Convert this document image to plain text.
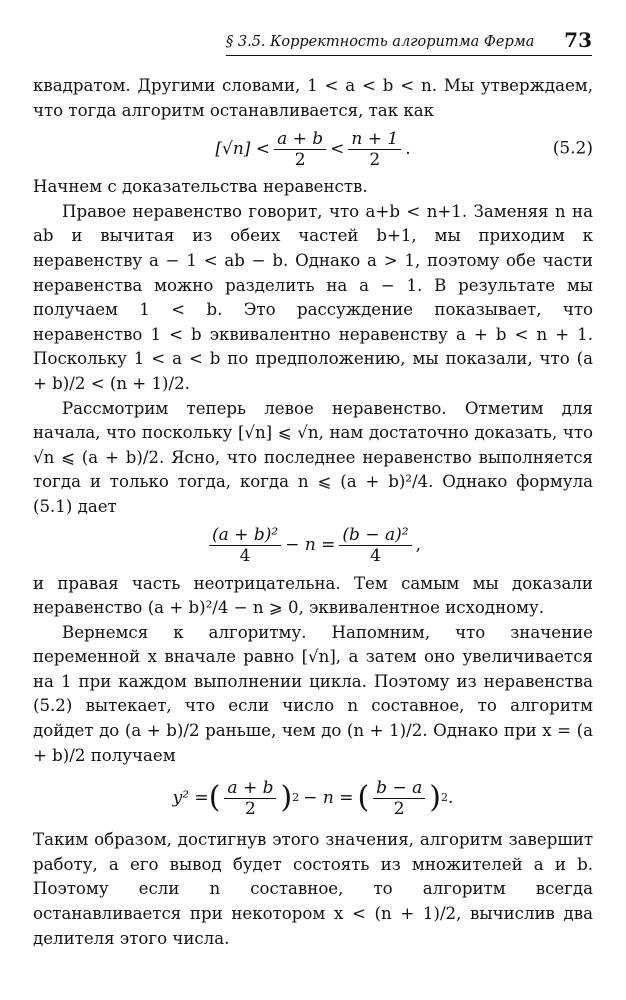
§ 3.5. Корректность алгоритма Ферма 73

квадратом. Другими словами, 1 < a < b < n. Мы утверждаем, что тогда алгоритм останавливается, так как

$[√n] < \frac{a + b}{2} < \frac{n + 1}{2}$ .	(5.2)

Начнем с доказательства неравенств.

Правое неравенство говорит, что a+b < n+1. Заменяя n на ab и вычитая из обеих частей b+1, мы приходим к неравенству a − 1 < ab − b. Однако a > 1, поэтому обе части неравенства можно разделить на a − 1. В результате мы получаем 1 < b. Это рассуждение показывает, что неравенство 1 < b эквивалентно неравенству a + b < n + 1. Поскольку 1 < a < b по предположению, мы показали, что (a + b)/2 < (n + 1)/2.

Рассмотрим теперь левое неравенство. Отметим для начала, что поскольку [√n] ⩽ √n, нам достаточно доказать, что √n ⩽ (a + b)/2. Ясно, что последнее неравенство выполняется тогда и только тогда, когда n ⩽ (a + b)²/4. Однако формула (5.1) дает

$\frac{\text{(a + b)²}}{4} - n = \frac{\text{(b − a)²}}{4}$ ,

и правая часть неотрицательна. Тем самым мы доказали неравенство (a + b)²/4 − n ⩾ 0, эквивалентное исходному.

Вернемся к алгоритму. Напомним, что значение переменной x вначале равно [√n], а затем оно увеличивается на 1 при каждом выполнении цикла. Поэтому из неравенства (5.2) вытекает, что если число n составное, то алгоритм дойдет до (a + b)/2 раньше, чем до (n + 1)/2. Однако при x = (a + b)/2 получаем

y² = ( $\frac{a + b}{2}$ ) 2 − n = ( $\frac{b - a}{2}$ ) 2 .

Таким образом, достигнув этого значения, алгоритм завершит работу, а его вывод будет состоять из множителей a и b. Поэтому если n составное, то алгоритм всегда останавливается при некотором x < (n + 1)/2, вычислив два делителя этого числа.
